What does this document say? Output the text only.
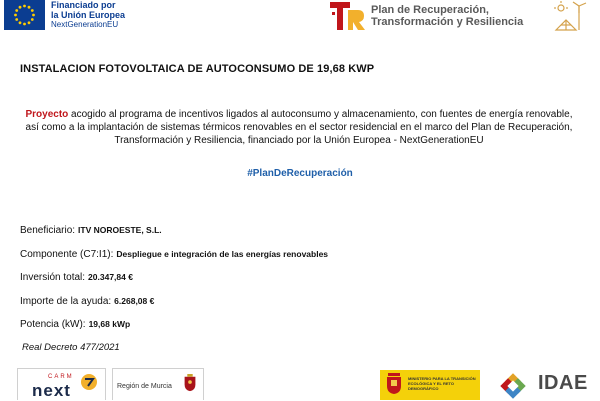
Financiado por
la Unión Europea
NextGenerationEU
Plan de Recuperación,
Transformación y Resiliencia
INSTALACION FOTOVOLTAICA DE AUTOCONSUMO DE 19,68 KWP
Proyecto acogido al programa de incentivos ligados al autoconsumo y almacenamiento, con fuentes de energía renovable, así como a la implantación de sistemas térmicos renovables en el sector residencial en el marco del Plan de Recuperación, Transformación y Resiliencia, financiado por la Unión Europea - NextGenerationEU
#PlanDeRecuperación
Beneficiario: ITV NOROESTE, S.L.
Componente (C7:I1): Despliegue e integración de las energías renovables
Inversión total: 20.347,84 €
Importe de la ayuda: 6.268,08 €
Potencia (kW): 19,68 kWp
Real Decreto 477/2021
CARM
next	Región de Murcia
MINISTERIO PARA LA TRANSICIÓN ECOLÓGICA Y EL RETO DEMOGRÁFICO	IDAE
